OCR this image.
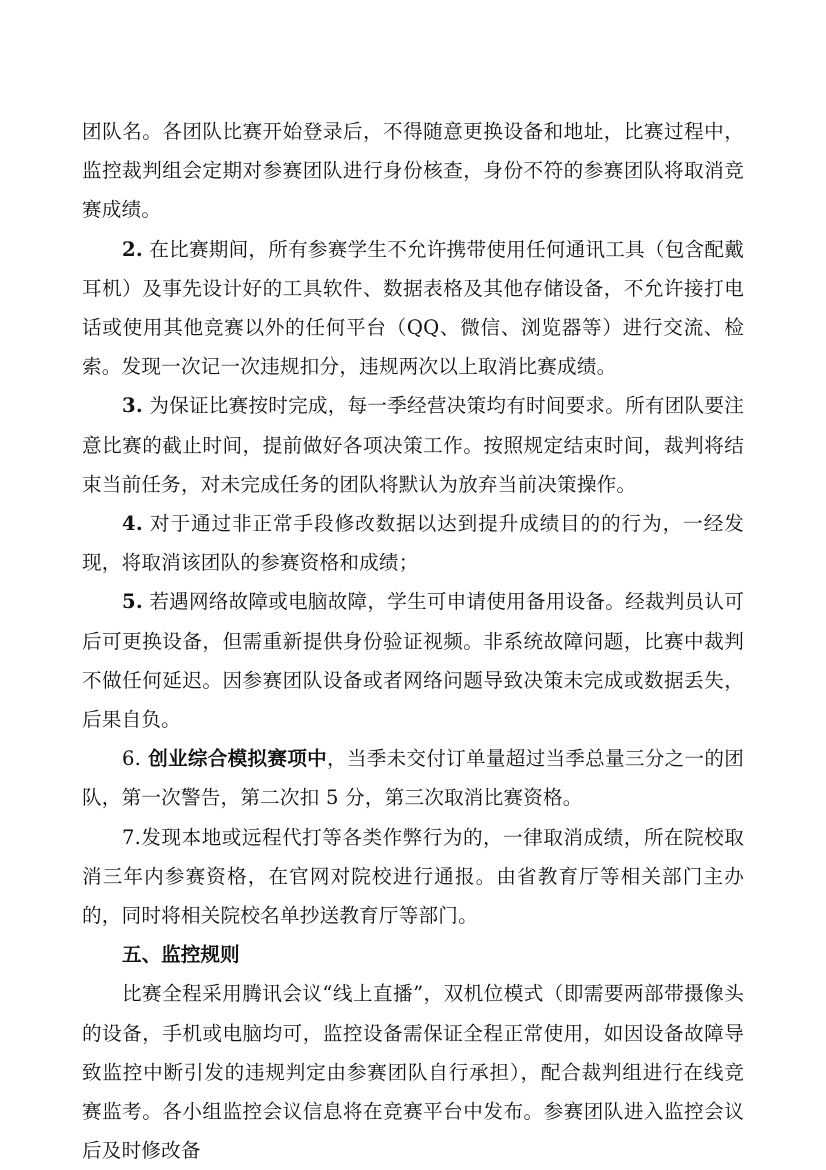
团队名。各团队比赛开始登录后，不得随意更换设备和地址，比赛过程中，监控裁判组会定期对参赛团队进行身份核查，身份不符的参赛团队将取消竞赛成绩。

2. 在比赛期间，所有参赛学生不允许携带使用任何通讯工具（包含配戴耳机）及事先设计好的工具软件、数据表格及其他存储设备，不允许接打电话或使用其他竞赛以外的任何平台（QQ、微信、浏览器等）进行交流、检索。发现一次记一次违规扣分，违规两次以上取消比赛成绩。

3. 为保证比赛按时完成，每一季经营决策均有时间要求。所有团队要注意比赛的截止时间，提前做好各项决策工作。按照规定结束时间，裁判将结束当前任务，对未完成任务的团队将默认为放弃当前决策操作。

4. 对于通过非正常手段修改数据以达到提升成绩目的的行为，一经发现，将取消该团队的参赛资格和成绩；

5. 若遇网络故障或电脑故障，学生可申请使用备用设备。经裁判员认可后可更换设备，但需重新提供身份验证视频。非系统故障问题，比赛中裁判不做任何延迟。因参赛团队设备或者网络问题导致决策未完成或数据丢失，后果自负。

6. 创业综合模拟赛项中，当季未交付订单量超过当季总量三分之一的团队，第一次警告，第二次扣 5 分，第三次取消比赛资格。

7.发现本地或远程代打等各类作弊行为的，一律取消成绩，所在院校取消三年内参赛资格，在官网对院校进行通报。由省教育厅等相关部门主办的，同时将相关院校名单抄送教育厅等部门。

五、监控规则

比赛全程采用腾讯会议“线上直播”，双机位模式（即需要两部带摄像头的设备，手机或电脑均可，监控设备需保证全程正常使用，如因设备故障导致监控中断引发的违规判定由参赛团队自行承担），配合裁判组进行在线竞赛监考。各小组监控会议信息将在竞赛平台中发布。参赛团队进入监控会议后及时修改备
